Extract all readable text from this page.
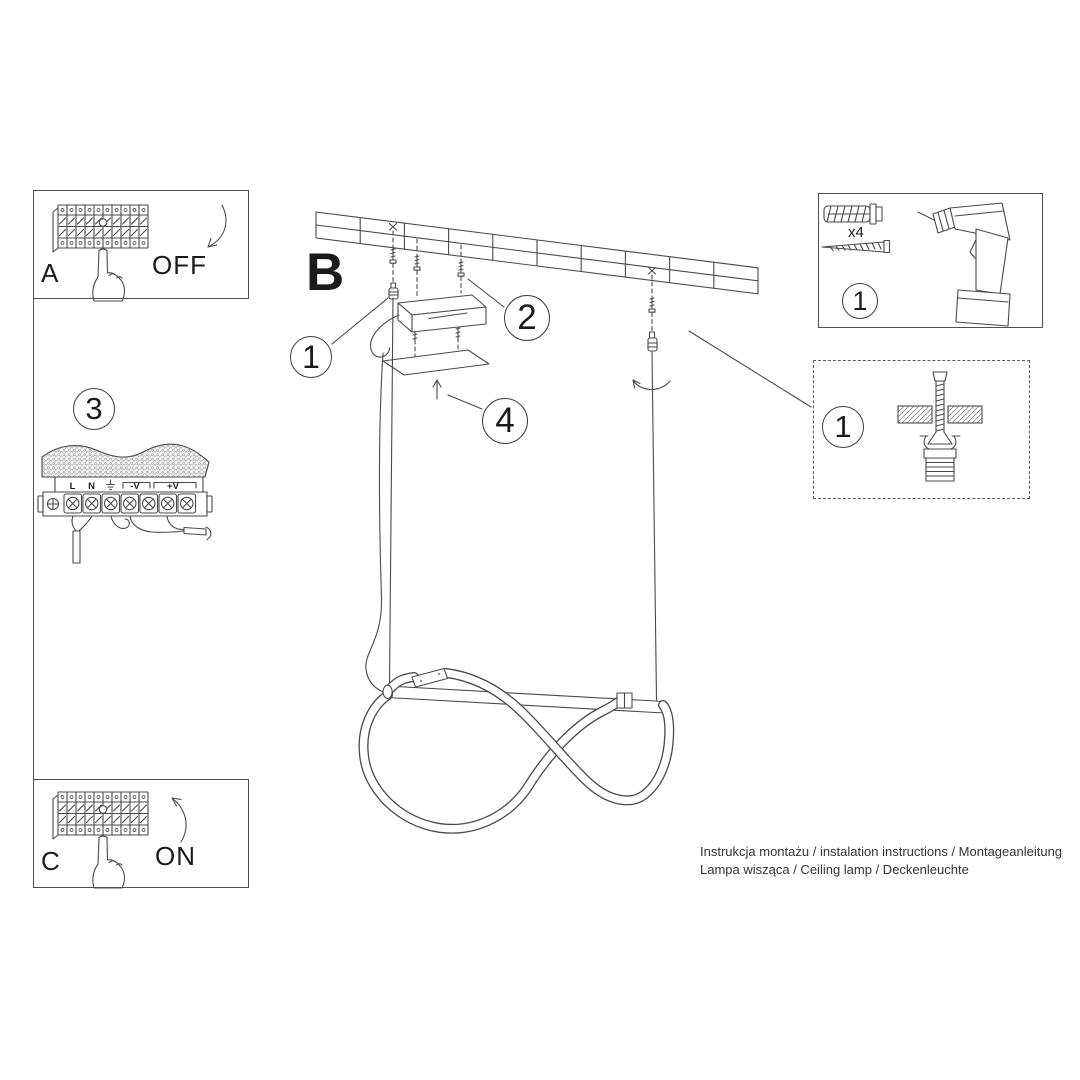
L N	-V	+V
A	OFF
C	ON
B
x4
1
2
4
3
1
1
Instrukcja montażu / instalation instructions / Montageanleitung
Lampa wisząca / Ceiling lamp / Deckenleuchte
